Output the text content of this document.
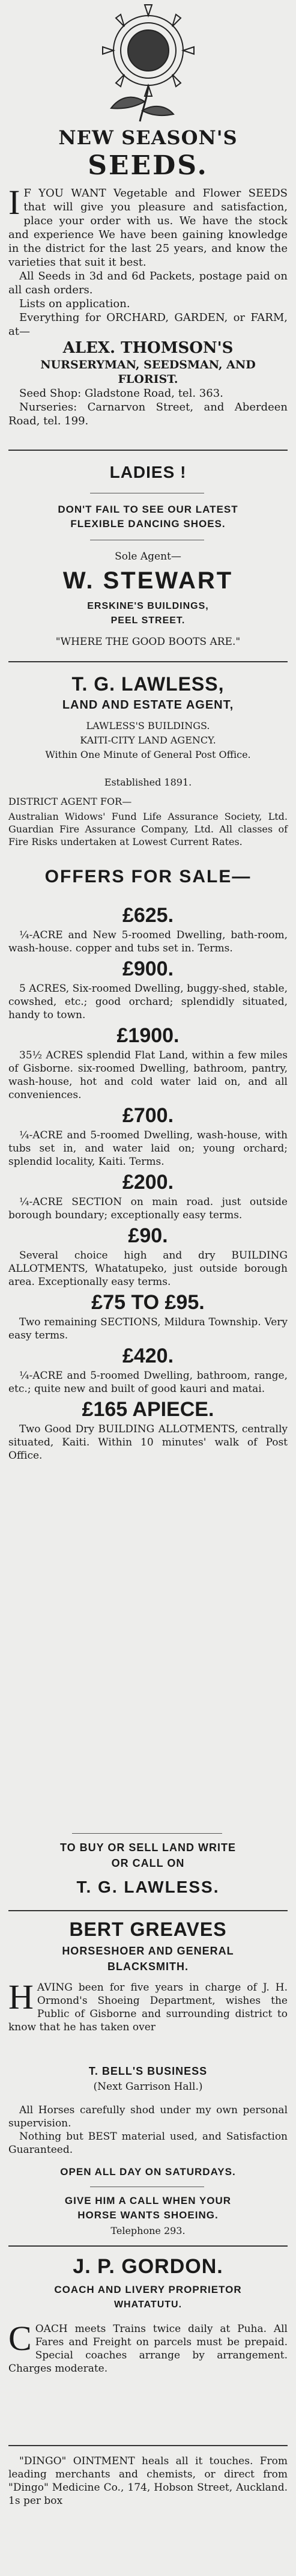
NEW SEASON'S
SEEDS.
I F YOU WANT Vegetable and Flower SEEDS that will give you pleasure and satisfaction, place your order with us. We have the stock and experience We have been gaining knowledge in the district for the last 25 years, and know the varieties that suit it best.

All Seeds in 3d and 6d Packets, postage paid on all cash orders.

Lists on application.

Everything for ORCHARD, GARDEN, or FARM, at—

ALEX. THOMSON'S

NURSERYMAN, SEEDSMAN, AND FLORIST.

Seed Shop: Gladstone Road, tel. 363.

Nurseries: Carnarvon Street, and Aberdeen Road, tel. 199.

LADIES !
DON'T FAIL TO SEE OUR LATEST
FLEXIBLE DANCING SHOES.
Sole Agent—
W. STEWART
ERSKINE'S BUILDINGS,
PEEL STREET.
"WHERE THE GOOD BOOTS ARE."
T. G. LAWLESS,
LAND AND ESTATE AGENT,
LAWLESS'S BUILDINGS.
KAITI-CITY LAND AGENCY.
Within One Minute of General Post Office.
Established 1891.
DISTRICT AGENT FOR—
Australian Widows' Fund Life Assurance Society, Ltd. Guardian Fire Assurance Company, Ltd. All classes of Fire Risks undertaken at Lowest Current Rates.
OFFERS FOR SALE—
£625.

¼-ACRE and New 5-roomed Dwelling, bath-room, wash-house. copper and tubs set in. Terms.

£900.

5 ACRES, Six-roomed Dwelling, buggy-shed, stable, cowshed, etc.; good orchard; splendidly situated, handy to town.

£1900.

35½ ACRES splendid Flat Land, within a few miles of Gisborne. six-roomed Dwelling, bathroom, pantry, wash-house, hot and cold water laid on, and all conveniences.

£700.

¼-ACRE and 5-roomed Dwelling, wash-house, with tubs set in, and water laid on; young orchard; splendid locality, Kaiti. Terms.

£200.

¼-ACRE SECTION on main road. just outside borough boundary; exceptionally easy terms.

£90.

Several choice high and dry BUILDING ALLOTMENTS, Whatatupeko, just outside borough area. Exceptionally easy terms.

£75 TO £95.

Two remaining SECTIONS, Mildura Township. Very easy terms.

£420.

¼-ACRE and 5-roomed Dwelling, bathroom, range, etc.; quite new and built of good kauri and matai.

£165 APIECE.

Two Good Dry BUILDING ALLOTMENTS, centrally situated, Kaiti. Within 10 minutes' walk of Post Office.

TO BUY OR SELL LAND WRITE
OR CALL ON
T. G. LAWLESS.
BERT GREAVES
HORSESHOER AND GENERAL
BLACKSMITH.
H AVING been for five years in charge of J. H. Ormond's Shoeing Department, wishes the Public of Gisborne and surrounding district to know that he has taken over

T. BELL'S BUSINESS
(Next Garrison Hall.)

All Horses carefully shod under my own personal supervision.

Nothing but BEST material used, and Satisfaction Guaranteed.

OPEN ALL DAY ON SATURDAYS.
GIVE HIM A CALL WHEN YOUR
HORSE WANTS SHOEING.
Telephone 293.
J. P. GORDON.
COACH AND LIVERY PROPRIETOR
WHATATUTU.
C OACH meets Trains twice daily at Puha. All Fares and Freight on parcels must be prepaid. Special coaches arrange by arrangement. Charges moderate.

"DINGO" OINTMENT heals all it touches. From leading merchants and chemists, or direct from "Dingo" Medicine Co., 174, Hobson Street, Auckland. 1s per box
